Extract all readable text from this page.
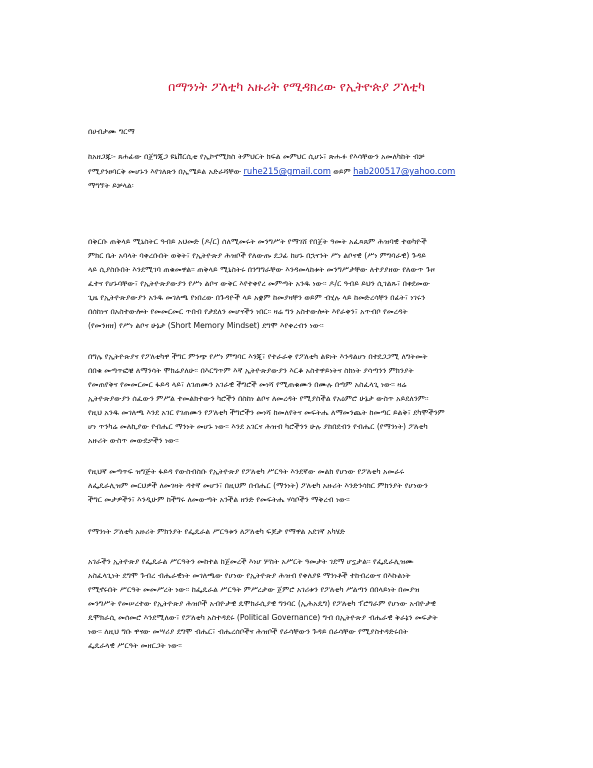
በማንነት ፖለቲካ አዙሪት የሚዳክረው የኢትዮጵያ ፖለቲካ
በሀብታሙ ግርማ
ከአዘጋጁ፡- ጸሐፊው በጀግጂጋ ዩኒቨርሲቲ የኢኮኖሚክስ ትምህርት ክፍል መምህር ሲሆኑ፣ ጽሑፉ የእሳቸውን አመለካከት ብቻ
የሚያንፀባርቅ መሆኑን እየገለጽን በኢሜይል አድራሻቸው ruhe215@gmail.com ወይም hab200517@yahoo.com
ማግኘት ይቻላል፡
በቅርቡ ጠቅላይ ሚኒስትር ዓብይ አህመድ (ዶ/ር) ሰለሚመሩት መንግሥት የማገሸ የበጀት ዓመት አፈጻጸም ሕዝባዊ ተወካዮች
ምክር ቤት አባላት ባቀረቡበት ወቅት፣ የኢትዮጵያ ሕዝቦች የለውጡ ደጋፊ ከሆኑ በኋናንት ሥነ ልቦናዊ (ሥነ ምግባራዊ) ጉዳይ
ላይ ሲያስቡበት እንደሚገባ ጠቁመዋል፡፡ ጠቅላይ ሚኒስትሩ በንግግራቸው እንዳመላከቱት መንግሥታቸው ለተያያዘው የለውጥ ጉዞ
ፈተና የሆኑባቸው፣ የኢትዮጵያውያን የሥነ ልቦና ውቅር እየተቀየረ መምጣት አንዱ ነው፡፡ ዶ/ር ዓብይ ይህን ሲገልጹ፣ በቀደመው
ጊዜ የኢትዮጵያውያን አንዱ መገለጫ የነበረው በጉዳዮች ላይ አቋም ከመያዛቸን ወይም ብሂሉ ላይ ከመድረሳቸን በፊት፣ ነገሩን
በሰከነና በአስተውሎት የመመርመር ጥበብ የታደለን መሆናችን ነበር፡፡ ዛሬ ግን አስተውሎት እየራቀን፣ አጥብቦ የመረዳት
(የመንዘዘ) የሥነ ልቦና ሁኔታ (Short Memory Mindset) ደግሞ እየቀረብን ነው፡፡
በግሌ የኢትዮጵያና የፖለቲካዋ ችግር ምንጭ የሥነ ምግባር እንጂ፣ የተራራቀ የፖለቲካ ልዩነት እንዳልሆነ በተደጋጋሚ ለግትመት
በበቁ መጣጥፎቼ ለማንሳት ሞክሬያለሁ፡፡ በእርግጥም እኛ ኢትዮጵያውያን እርቆ አስተዋይነትና ስክነት ያሳጣንን ምክንያት
የመጠየቅና የመመርመር ፋይዳ ላይ፣ ለገጠሙን አገራዊ ችግሮች መነሻ የሚጠቁሙን በሙሉ በጣም አስፈላጊ ነው፡፡ ዛሬ
ኢትዮጵያውያን ሰፈውን ምሥል ተመልክተውን ካሮችን በስከነ ልቦና ለመረዳት የሚያስችል የአዕምሮ ሁኔታ ውስጥ አይደለንም፡፡
የዚህ አንዱ መገለጫ እንደ አገር የገጠሙን የፖለቲካ ችግሮችን መነሻ ከመለየትና መፍትሔ ለማመንጨት ከመጣር ይልቅ፣ ደካሞችንም
ሆነ ጥንካሬ መለኪያው የብሔር ማንነት መሆኑ ነው፡፡ እንደ አገርና ሕዝብ ካሮችንን ሁሉ ያከበደብን የብሔር (የማንነት) ፖለቲካ
አዙሪት ውስጥ መውደቃችን ነው፡፡
የዚህኛ መጣጥፍ ዝግጅት ፋይዳ የውስብስቡ የኢትዮጵያ የፖለቲካ ሥርዓት እንደኛው መልክ የሆነው የፖለቲካ አመራሩ
ለፌዴራሊዝም መርህዎች ለመገዛት ዳተኛ መሆን፣ በዚህም በብሔር (ማንነት) ፖለቲካ አዙሪት እንድንሳክር ምክንያት የሆነውን
ችግር መታዎችን፣ እንዲሁም ከችግሩ ለመውጣት አንችል ዘንድ የመፍትሔ ሃሳቦችን ማቅረብ ነው፡፡
የማንነት ፖለቲካ አዙሪት ምክንያት የፌዴራል ሥርዓቱን ለፖለቲካ ፍጆታ የማዋል አደገኛ አካሄድ
አገራችን ኢትዮጵያ የፌዴራል ሥርዓትን መከተል ከጀመረች እነሆ ሦስት አሥርት ዓመታት ገደማ ሆኗታል፡፡ የፌዴራሊዝሙ
አስፈላጊነት ደግሞ ጉብረ ብሔራዊነት መገለጫው የሆነው የኢትዮጵያ ሕዝብ የቀለያዩ ማንነቶች ተከብረውና በእኩልነት
የሚኖሩበት ሥርዓት መመሥረት ነው፡፡ ከፌዴራል ሥርዓት ምሥረታው ጀምሮ አገሪቱን የፖለቲካ ሥልጣን በበላይነት በመያዝ
መንግሥት የመሠረተው የኢትዮጵያ ሕዝቦች አብዮታዊ ዴሞክራሲያዊ ግንባር (ኢሕአዴግ) የፖለቲካ ፕሮግራም የሆነው አብዮታዊ
ዴሞክራሲ መሰመሮ እንደሚለው፣ የፖለቲካ አስተዳደሩ (Political Governance) ግብ በኢትዮጵያ ብሔራዊ ቅራኔን መፍታት
ነው፡፡ ለዚህ ግቡ ዋናው መሣሪያ ደግሞ ብሔር፣ ብሔረሰቦችና ሕዝቦች የራሳቸውን ጉዳይ በራሳቸው የሚያስተዳድሩበት
ፌዴራላዊ ሥርዓት መዘርጋት ነው፡፡
